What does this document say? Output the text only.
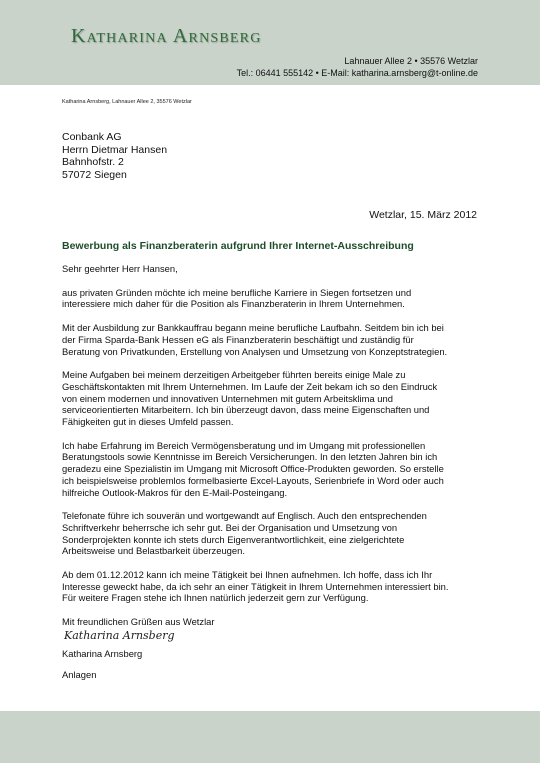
Katharina Arnsberg
Lahnauer Allee 2 • 35576 Wetzlar
Tel.: 06441 555142 • E-Mail: katharina.arnsberg@t-online.de
Katharina Arnsberg, Lahnauer Allee 2, 35576 Wetzlar
Conbank AG
Herrn Dietmar Hansen
Bahnhofstr. 2
57072 Siegen
Wetzlar, 15. März 2012
Bewerbung als Finanzberaterin aufgrund Ihrer Internet-Ausschreibung

Sehr geehrter Herr Hansen,

aus privaten Gründen möchte ich meine berufliche Karriere in Siegen fortsetzen und
interessiere mich daher für die Position als Finanzberaterin in Ihrem Unternehmen.

Mit der Ausbildung zur Bankkauffrau begann meine berufliche Laufbahn. Seitdem bin ich bei
der Firma Sparda-Bank Hessen eG als Finanzberaterin beschäftigt und zuständig für
Beratung von Privatkunden, Erstellung von Analysen und Umsetzung von Konzeptstrategien.

Meine Aufgaben bei meinem derzeitigen Arbeitgeber führten bereits einige Male zu
Geschäftskontakten mit Ihrem Unternehmen. Im Laufe der Zeit bekam ich so den Eindruck
von einem modernen und innovativen Unternehmen mit gutem Arbeitsklima und
serviceorientierten Mitarbeitern. Ich bin überzeugt davon, dass meine Eigenschaften und
Fähigkeiten gut in dieses Umfeld passen.

Ich habe Erfahrung im Bereich Vermögensberatung und im Umgang mit professionellen
Beratungstools sowie Kenntnisse im Bereich Versicherungen. In den letzten Jahren bin ich
geradezu eine Spezialistin im Umgang mit Microsoft Office-Produkten geworden. So erstelle
ich beispielsweise problemlos formelbasierte Excel-Layouts, Serienbriefe in Word oder auch
hilfreiche Outlook-Makros für den E-Mail-Posteingang.

Telefonate führe ich souverän und wortgewandt auf Englisch. Auch den entsprechenden
Schriftverkehr beherrsche ich sehr gut. Bei der Organisation und Umsetzung von
Sonderprojekten konnte ich stets durch Eigenverantwortlichkeit, eine zielgerichtete
Arbeitsweise und Belastbarkeit überzeugen.

Ab dem 01.12.2012 kann ich meine Tätigkeit bei Ihnen aufnehmen. Ich hoffe, dass ich Ihr
Interesse geweckt habe, da ich sehr an einer Tätigkeit in Ihrem Unternehmen interessiert bin.
Für weitere Fragen stehe ich Ihnen natürlich jederzeit gern zur Verfügung.

Mit freundlichen Grüßen aus Wetzlar
Katharina Arnsberg
Katharina Arnsberg

Anlagen
